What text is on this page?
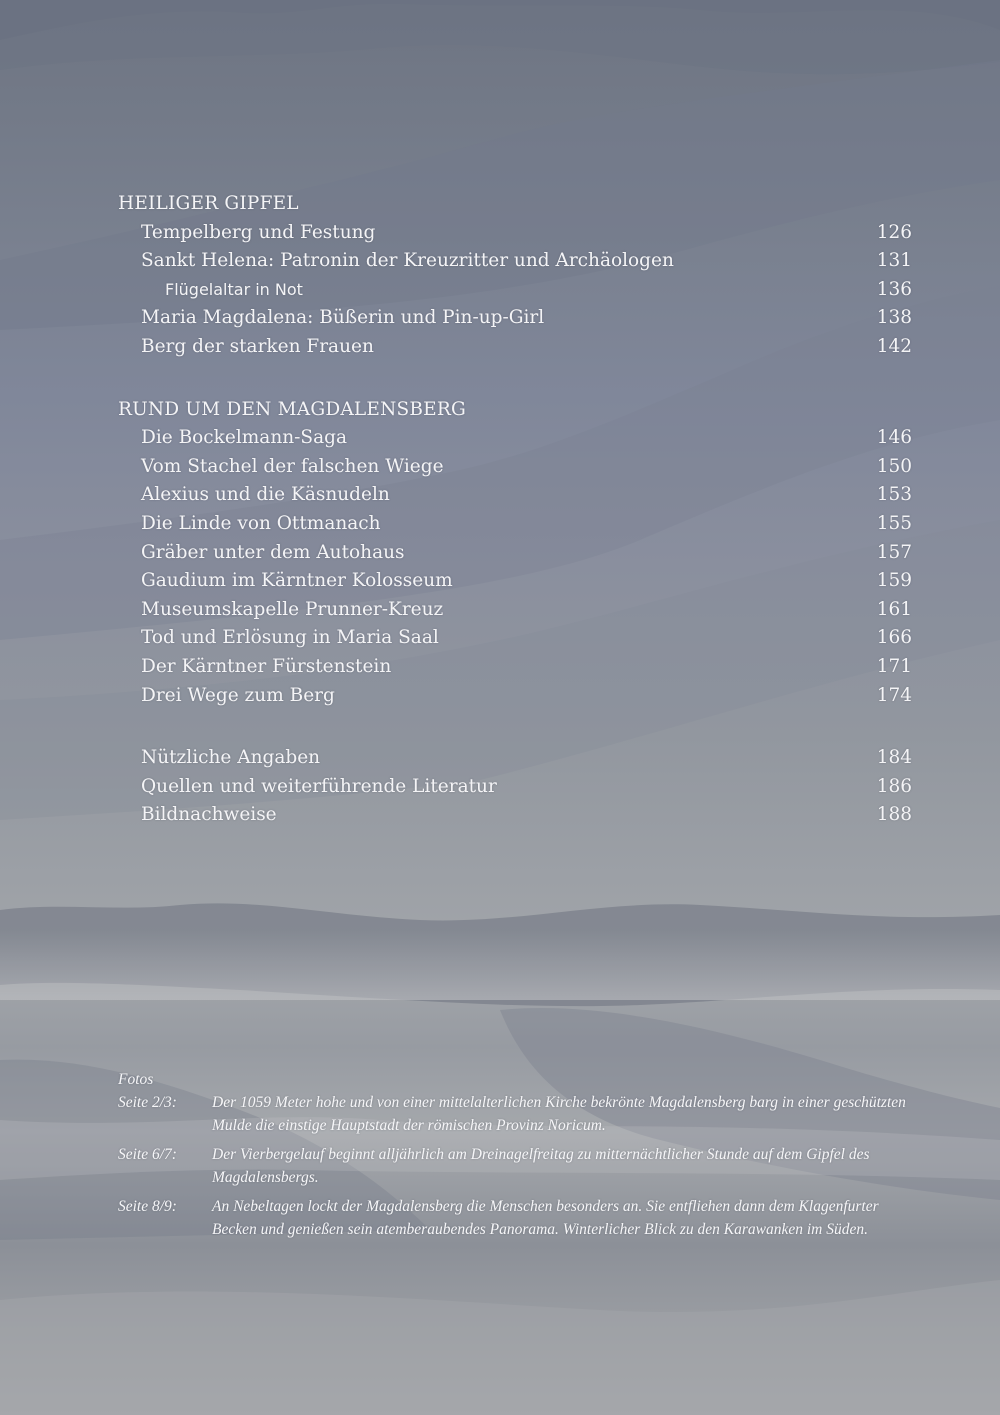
HEILIGER GIPFEL
Tempelberg und Festung	126
Sankt Helena: Patronin der Kreuzritter und Archäologen	131
Flügelaltar in Not	136
Maria Magdalena: Büßerin und Pin-up-Girl	138
Berg der starken Frauen	142
RUND UM DEN MAGDALENSBERG
Die Bockelmann-Saga	146
Vom Stachel der falschen Wiege	150
Alexius und die Käsnudeln	153
Die Linde von Ottmanach	155
Gräber unter dem Autohaus	157
Gaudium im Kärntner Kolosseum	159
Museumskapelle Prunner-Kreuz	161
Tod und Erlösung in Maria Saal	166
Der Kärntner Fürstenstein	171
Drei Wege zum Berg	174
Nützliche Angaben	184
Quellen und weiterführende Literatur	186
Bildnachweise	188
Fotos
Seite 2/3:	Der 1059 Meter hohe und von einer mittelalterlichen Kirche bekrönte Magdalensberg barg in einer geschützten Mulde die einstige Hauptstadt der römischen Provinz Noricum.
Seite 6/7:	Der Vierbergelauf beginnt alljährlich am Dreinagelfreitag zu mitternächtlicher Stunde auf dem Gipfel des Magdalensbergs.
Seite 8/9:	An Nebeltagen lockt der Magdalensberg die Menschen besonders an. Sie entfliehen dann dem Klagenfurter Becken und genießen sein atemberaubendes Panorama. Winterlicher Blick zu den Karawanken im Süden.
